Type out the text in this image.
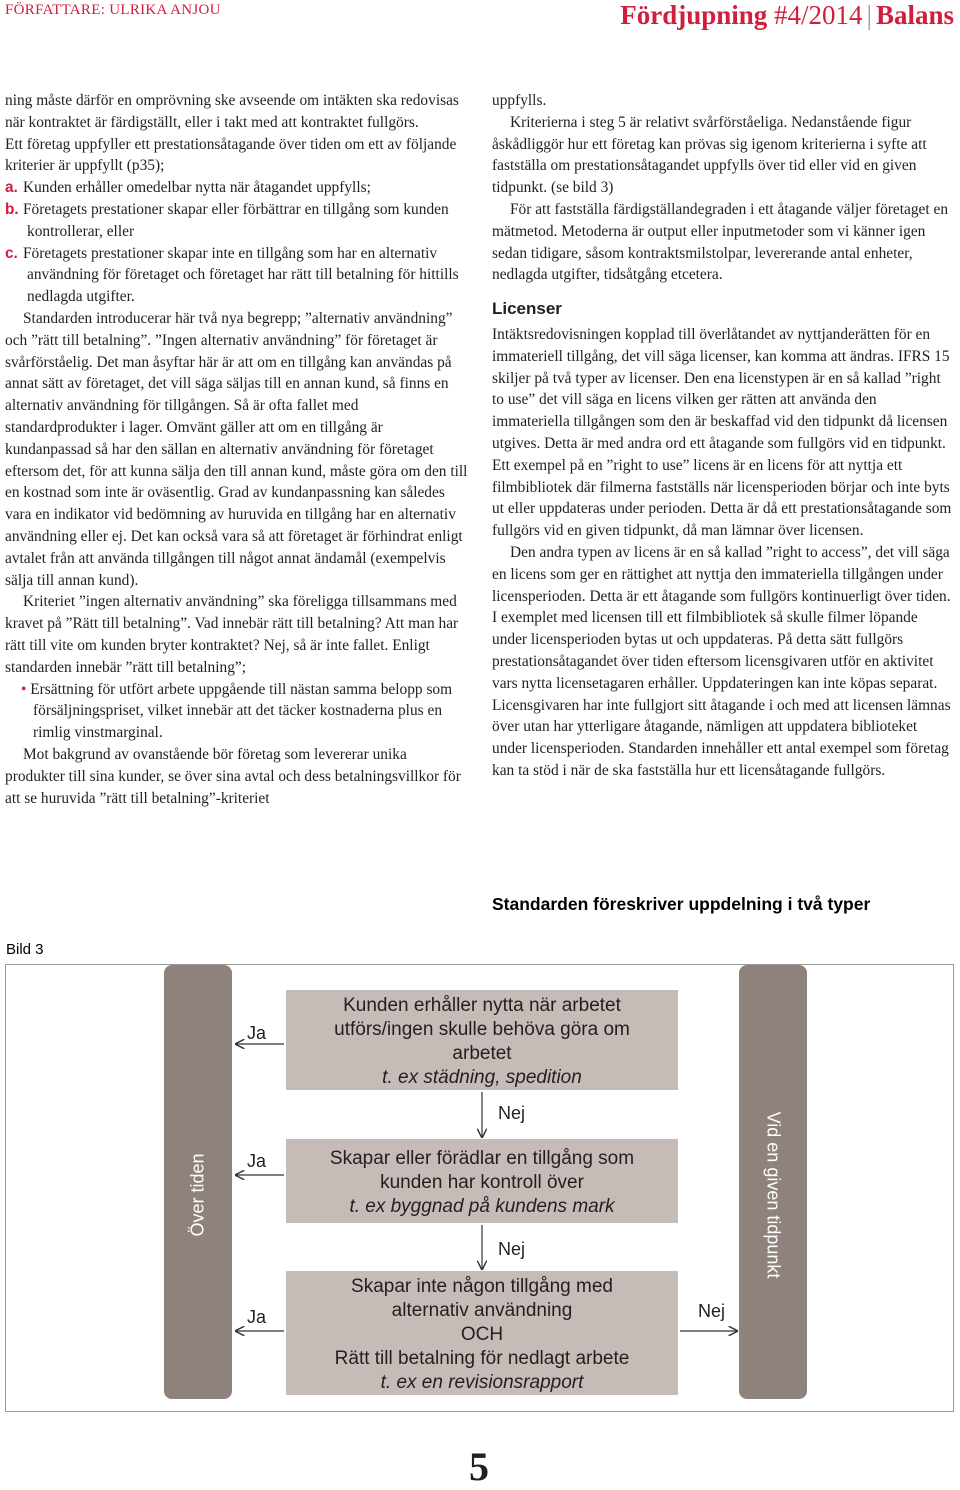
FÖRFATTARE: ULRIKA ANJOU	Fördjupning #4/2014 | Balans

ning måste därför en omprövning ske avseende om intäkten ska redovisas när kontraktet är färdigställt, eller i takt med att kontraktet fullgörs.

Ett företag uppfyller ett prestationsåtagande över tiden om ett av följande kriterier är uppfyllt (p35);

a. Kunden erhåller omedelbar nytta när åtagandet uppfylls;

b. Företagets prestationer skapar eller förbättrar en tillgång som kunden kontrollerar, eller

c. Företagets prestationer skapar inte en tillgång som har en alternativ användning för företaget och företaget har rätt till betalning för hittills nedlagda utgifter.

Standarden introducerar här två nya begrepp; ”alternativ användning” och ”rätt till betalning”. ”Ingen alternativ användning” för företaget är svårförståelig. Det man åsyftar här är att om en tillgång kan användas på annat sätt av företaget, det vill säga säljas till en annan kund, så finns en alternativ användning för tillgången. Så är ofta fallet med standardprodukter i lager. Omvänt gäller att om en tillgång är kundanpassad så har den sällan en alternativ användning för företaget eftersom det, för att kunna sälja den till annan kund, måste göra om den till en kostnad som inte är oväsentlig. Grad av kundanpassning kan således vara en indikator vid bedömning av huruvida en tillgång har en alternativ användning eller ej. Det kan också vara så att företaget är förhindrat enligt avtalet från att använda tillgången till något annat ändamål (exempelvis sälja till annan kund).

Kriteriet ”ingen alternativ användning” ska föreligga tillsammans med kravet på ”Rätt till betalning”. Vad innebär rätt till betalning? Att man har rätt till vite om kunden bryter kontraktet? Nej, så är inte fallet. Enligt standarden innebär ”rätt till betalning”;

• Ersättning för utfört arbete uppgående till nästan samma belopp som försäljningspriset, vilket innebär att det täcker kostnaderna plus en rimlig vinstmarginal.

Mot bakgrund av ovanstående bör företag som levererar unika produkter till sina kunder, se över sina avtal och dess betalningsvillkor för att se huruvida ”rätt till betalning”-kriteriet

uppfylls.

Kriterierna i steg 5 är relativt svårförståeliga. Nedanstående figur åskådliggör hur ett företag kan prövas sig igenom kriterierna i syfte att fastställa om prestationsåtagandet uppfylls över tid eller vid en given tidpunkt. (se bild 3)

För att fastställa färdigställandegraden i ett åtagande väljer företaget en mätmetod. Metoderna är output eller inputmetoder som vi känner igen sedan tidigare, såsom kontraktsmilstolpar, levererande antal enheter, nedlagda utgifter, tidsåtgång etcetera.

Licenser

Intäktsredovisningen kopplad till överlåtandet av nyttjanderätten för en immateriell tillgång, det vill säga licenser, kan komma att ändras. IFRS 15 skiljer på två typer av licenser. Den ena licenstypen är en så kallad ”right to use” det vill säga en licens vilken ger rätten att använda den immateriella tillgången som den är beskaffad vid den tidpunkt då licensen utgives. Detta är med andra ord ett åtagande som fullgörs vid en tidpunkt. Ett exempel på en ”right to use” licens är en licens för att nyttja ett filmbibliotek där filmerna fastställs när licensperioden börjar och inte byts ut eller uppdateras under perioden. Detta är då ett prestationsåtagande som fullgörs vid en given tidpunkt, då man lämnar över licensen.

Den andra typen av licens är en så kallad ”right to access”, det vill säga en licens som ger en rättighet att nyttja den immateriella tillgången under licensperioden. Detta är ett åtagande som fullgörs kontinuerligt över tiden. I exemplet med licensen till ett filmbibliotek så skulle filmer löpande under licensperioden bytas ut och uppdateras. På detta sätt fullgörs prestationsåtagandet över tiden eftersom licensgivaren utför en aktivitet vars nytta licensetagaren erhåller. Uppdateringen kan inte köpas separat. Licensgivaren har inte fullgjort sitt åtagande i och med att licensen lämnas över utan har ytterligare åtagande, nämligen att uppdatera biblioteket under licensperioden. Standarden innehåller ett antal exempel som företag kan ta stöd i när de ska fastställa hur ett licensåtagande fullgörs.

Standarden föreskriver uppdelning i två typer
Bild 3
Över tiden	Vid en given tidpunkt
Kunden erhåller nytta när arbetet utförs/ingen skulle behöva göra om arbetet
t. ex städning, spedition
Skapar eller förädlar en tillgång som kunden har kontroll över
t. ex byggnad på kundens mark
Skapar inte någon tillgång med alternativ användning
OCH
Rätt till betalning för nedlagt arbete
t. ex en revisionsrapport
Ja
Ja
Ja
Nej
Nej
Nej
5
